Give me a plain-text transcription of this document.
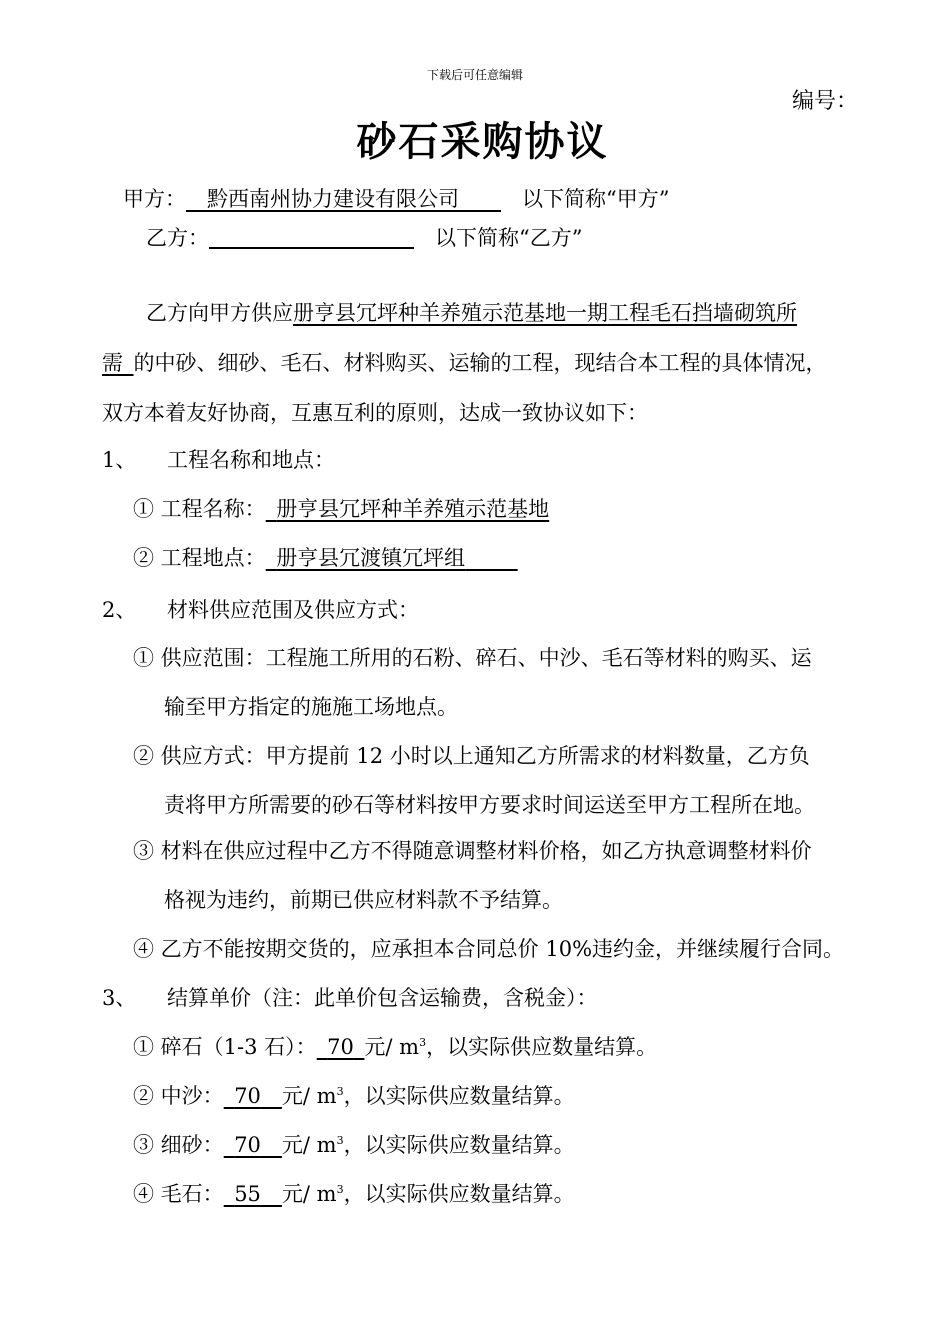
下载后可任意编辑
编号：
砂石采购协议
甲方：  黔西南州协力建设有限公司   	以下简称“甲方”
乙方： 	以下简称“乙方”
乙方向甲方供应册亨县冗坪种羊养殖示范基地一期工程毛石挡墙砌筑所
需  的中砂、细砂、毛石、材料购买、运输的工程，现结合本工程的具体情况，
双方本着友好协商，互惠互利的原则，达成一致协议如下：
1、 工程名称和地点：
① 工程名称：  册亨县冗坪种羊养殖示范基地
② 工程地点：  册亨县冗渡镇冗坪组   
2、 材料供应范围及供应方式：
① 供应范围：工程施工所用的石粉、碎石、中沙、毛石等材料的购买、运
输至甲方指定的施施工场地点。
② 供应方式：甲方提前 12 小时以上通知乙方所需求的材料数量，乙方负
责将甲方所需要的砂石等材料按甲方要求时间运送至甲方工程所在地。
③ 材料在供应过程中乙方不得随意调整材料价格，如乙方执意调整材料价
格视为违约，前期已供应材料款不予结算。
④ 乙方不能按期交货的，应承担本合同总价 10%违约金，并继续履行合同。
3、 结算单价（注：此单价包含运输费，含税金）：
① 碎石（1-3 石）：  70  元/ $m^3$，以实际供应数量结算。
② 中沙：  70  元/ $m^3$，以实际供应数量结算。
③ 细砂：  70  元/ $m^3$，以实际供应数量结算。
④ 毛石：  55  元/ $m^3$，以实际供应数量结算。
